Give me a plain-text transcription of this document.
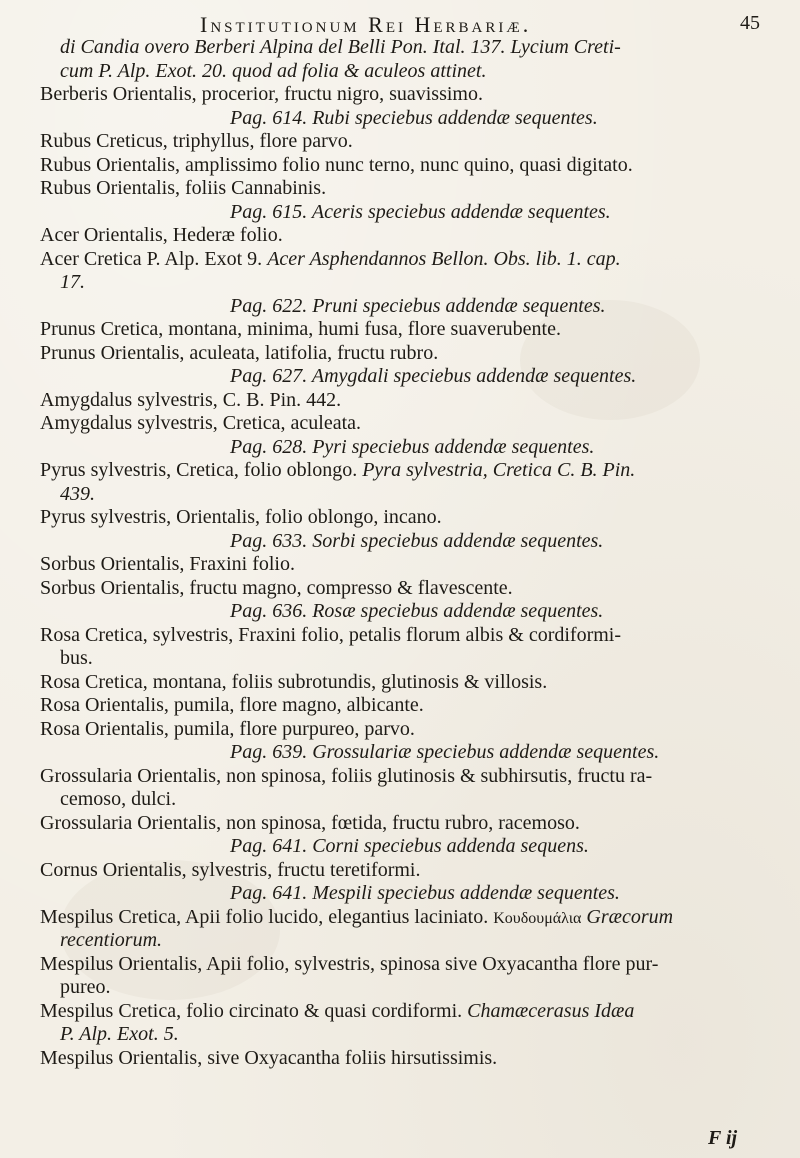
Institutionum Rei Herbariæ.	45
di Candia overo Berberi Alpina del Belli Pon. Ital. 137. Lycium Creti-
cum P. Alp. Exot. 20. quod ad folia & aculeos attinet.
Berberis Orientalis, procerior, fructu nigro, suavissimo.
Pag. 614. Rubi speciebus addendæ sequentes.
Rubus Creticus, triphyllus, flore parvo.
Rubus Orientalis, amplissimo folio nunc terno, nunc quino, quasi digitato.
Rubus Orientalis, foliis Cannabinis.
Pag. 615. Aceris speciebus addendæ sequentes.
Acer Orientalis, Hederæ folio.
Acer Cretica P. Alp. Exot 9. Acer Asphendannos Bellon. Obs. lib. 1. cap.
17.
Pag. 622. Pruni speciebus addendæ sequentes.
Prunus Cretica, montana, minima, humi fusa, flore suaverubente.
Prunus Orientalis, aculeata, latifolia, fructu rubro.
Pag. 627. Amygdali speciebus addendæ sequentes.
Amygdalus sylvestris, C. B. Pin. 442.
Amygdalus sylvestris, Cretica, aculeata.
Pag. 628. Pyri speciebus addendæ sequentes.
Pyrus sylvestris, Cretica, folio oblongo. Pyra sylvestria, Cretica C. B. Pin.
439.
Pyrus sylvestris, Orientalis, folio oblongo, incano.
Pag. 633. Sorbi speciebus addendæ sequentes.
Sorbus Orientalis, Fraxini folio.
Sorbus Orientalis, fructu magno, compresso & flavescente.
Pag. 636. Rosæ speciebus addendæ sequentes.
Rosa Cretica, sylvestris, Fraxini folio, petalis florum albis & cordiformi-
bus.
Rosa Cretica, montana, foliis subrotundis, glutinosis & villosis.
Rosa Orientalis, pumila, flore magno, albicante.
Rosa Orientalis, pumila, flore purpureo, parvo.
Pag. 639. Grossulariæ speciebus addendæ sequentes.
Grossularia Orientalis, non spinosa, foliis glutinosis & subhirsutis, fructu ra-
cemoso, dulci.
Grossularia Orientalis, non spinosa, fœtida, fructu rubro, racemoso.
Pag. 641. Corni speciebus addenda sequens.
Cornus Orientalis, sylvestris, fructu teretiformi.
Pag. 641. Mespili speciebus addendæ sequentes.
Mespilus Cretica, Apii folio lucido, elegantius laciniato. Κουδουμάλια Græcorum
recentiorum.
Mespilus Orientalis, Apii folio, sylvestris, spinosa sive Oxyacantha flore pur-
pureo.
Mespilus Cretica, folio circinato & quasi cordiformi. Chamæcerasus Idæa
P. Alp. Exot. 5.
Mespilus Orientalis, sive Oxyacantha foliis hirsutissimis.
F ij
